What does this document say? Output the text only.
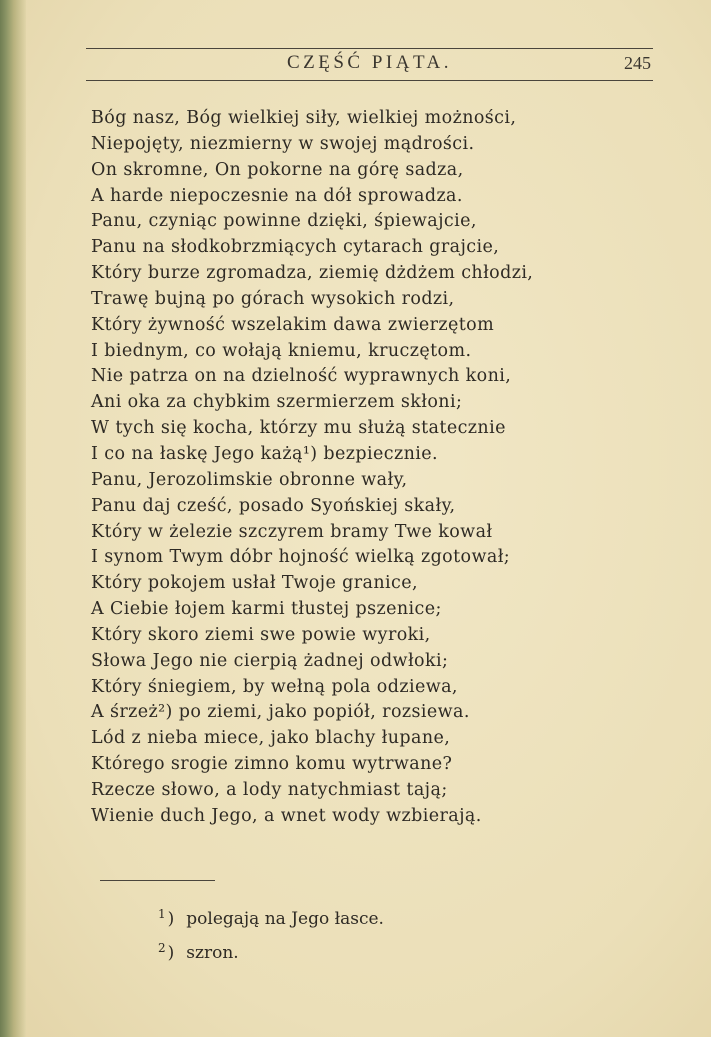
CZĘŚĆ PIĄTA.	245
Bóg nasz, Bóg wielkiej siły, wielkiej możności,
Niepojęty, niezmierny w swojej mądrości.
On skromne, On pokorne na górę sadza,
A harde niepoczesnie na dół sprowadza.
Panu, czyniąc powinne dzięki, śpiewajcie,
Panu na słodkobrzmiących cytarach grajcie,
Który burze zgromadza, ziemię dżdżem chłodzi,
Trawę bujną po górach wysokich rodzi,
Który żywność wszelakim dawa zwierzętom
I biednym, co wołają kniemu, kruczętom.
Nie patrza on na dzielność wyprawnych koni,
Ani oka za chybkim szermierzem skłoni;
W tych się kocha, którzy mu służą statecznie
I co na łaskę Jego każą¹) bezpiecznie.
Panu, Jerozolimskie obronne wały,
Panu daj cześć, posado Syońskiej skały,
Który w żelezie szczyrem bramy Twe kował
I synom Twym dóbr hojność wielką zgotował;
Który pokojem usłał Twoje granice,
A Ciebie łojem karmi tłustej pszenice;
Który skoro ziemi swe powie wyroki,
Słowa Jego nie cierpią żadnej odwłoki;
Który śniegiem, by wełną pola odziewa,
A śrzeż²) po ziemi, jako popiół, rozsiewa.
Lód z nieba miece, jako blachy łupane,
Którego srogie zimno komu wytrwane?
Rzecze słowo, a lody natychmiast tają;
Wienie duch Jego, a wnet wody wzbierają.
$^1$ ) polegają na Jego łasce.
$^2$ ) szron.
